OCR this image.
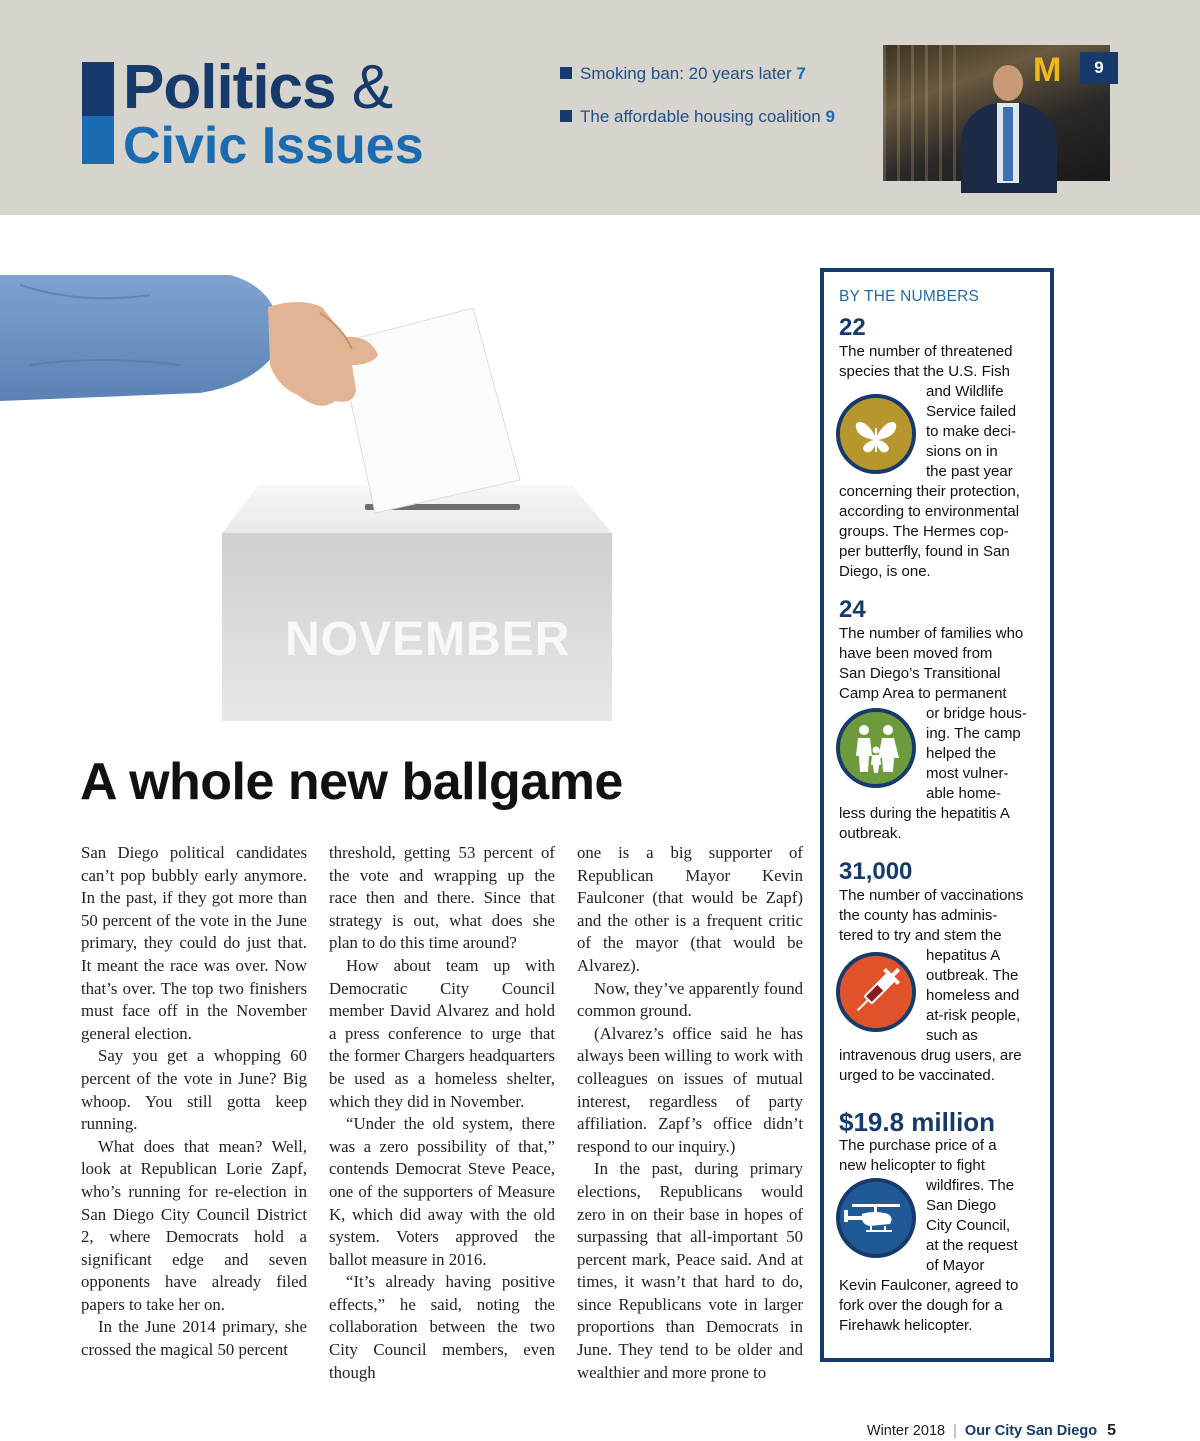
Politics &
Civic Issues
Smoking ban: 20 years later 7
The affordable housing coalition 9
M	9
NOVEMBER
A whole new ballgame

San Diego political candidates can’t pop bubbly early anymore. In the past, if they got more than 50 percent of the vote in the June primary, they could do just that. It meant the race was over. Now that’s over. The top two finishers must face off in the November general election.

Say you get a whopping 60 percent of the vote in June? Big whoop. You still gotta keep running.

What does that mean? Well, look at Republican Lorie Zapf, who’s running for re-election in San Diego City Council District 2, where Democrats hold a significant edge and seven opponents have already filed papers to take her on.

In the June 2014 primary, she crossed the magical 50 percent

threshold, getting 53 percent of the vote and wrapping up the race then and there. Since that strategy is out, what does she plan to do this time around?

How about team up with Democratic City Council member David Alvarez and hold a press conference to urge that the former Chargers headquarters be used as a homeless shelter, which they did in November.

“Under the old system, there was a zero possibility of that,” contends Democrat Steve Peace, one of the supporters of Measure K, which did away with the old system. Voters approved the ballot measure in 2016.

“It’s already having positive effects,” he said, noting the collaboration between the two City Council members, even though

one is a big supporter of Republican Mayor Kevin Faulconer (that would be Zapf) and the other is a frequent critic of the mayor (that would be Alvarez).

Now, they’ve apparently found common ground.

(Alvarez’s office said he has always been willing to work with colleagues on issues of mutual interest, regardless of party affiliation. Zapf’s office didn’t respond to our inquiry.)

In the past, during primary elections, Republicans would zero in on their base in hopes of surpassing that all-important 50 percent mark, Peace said. And at times, it wasn’t that hard to do, since Republicans vote in larger proportions than Democrats in June. They tend to be older and wealthier and more prone to

BY THE NUMBERS
22
The number of threatened
species that the U.S. Fish
and Wildlife
Service failed
to make deci-
sions on in
the past year
concerning their protection,
according to environmental
groups. The Hermes cop-
per butterfly, found in San
Diego, is one.
24
The number of families who
have been moved from
San Diego’s Transitional
Camp Area to permanent
or bridge hous-
ing. The camp
helped the
most vulner-
able home-
less during the hepatitis A
outbreak.
31,000
The number of vaccinations
the county has adminis-
tered to try and stem the
hepatitus A
outbreak. The
homeless and
at-risk people,
such as
intravenous drug users, are
urged to be vaccinated.
$19.8 million
The purchase price of a
new helicopter to fight
wildfires. The
San Diego
City Council,
at the request
of Mayor
Kevin Faulconer, agreed to
fork over the dough for a
Firehawk helicopter.
Winter 2018 | Our City San Diego 5
